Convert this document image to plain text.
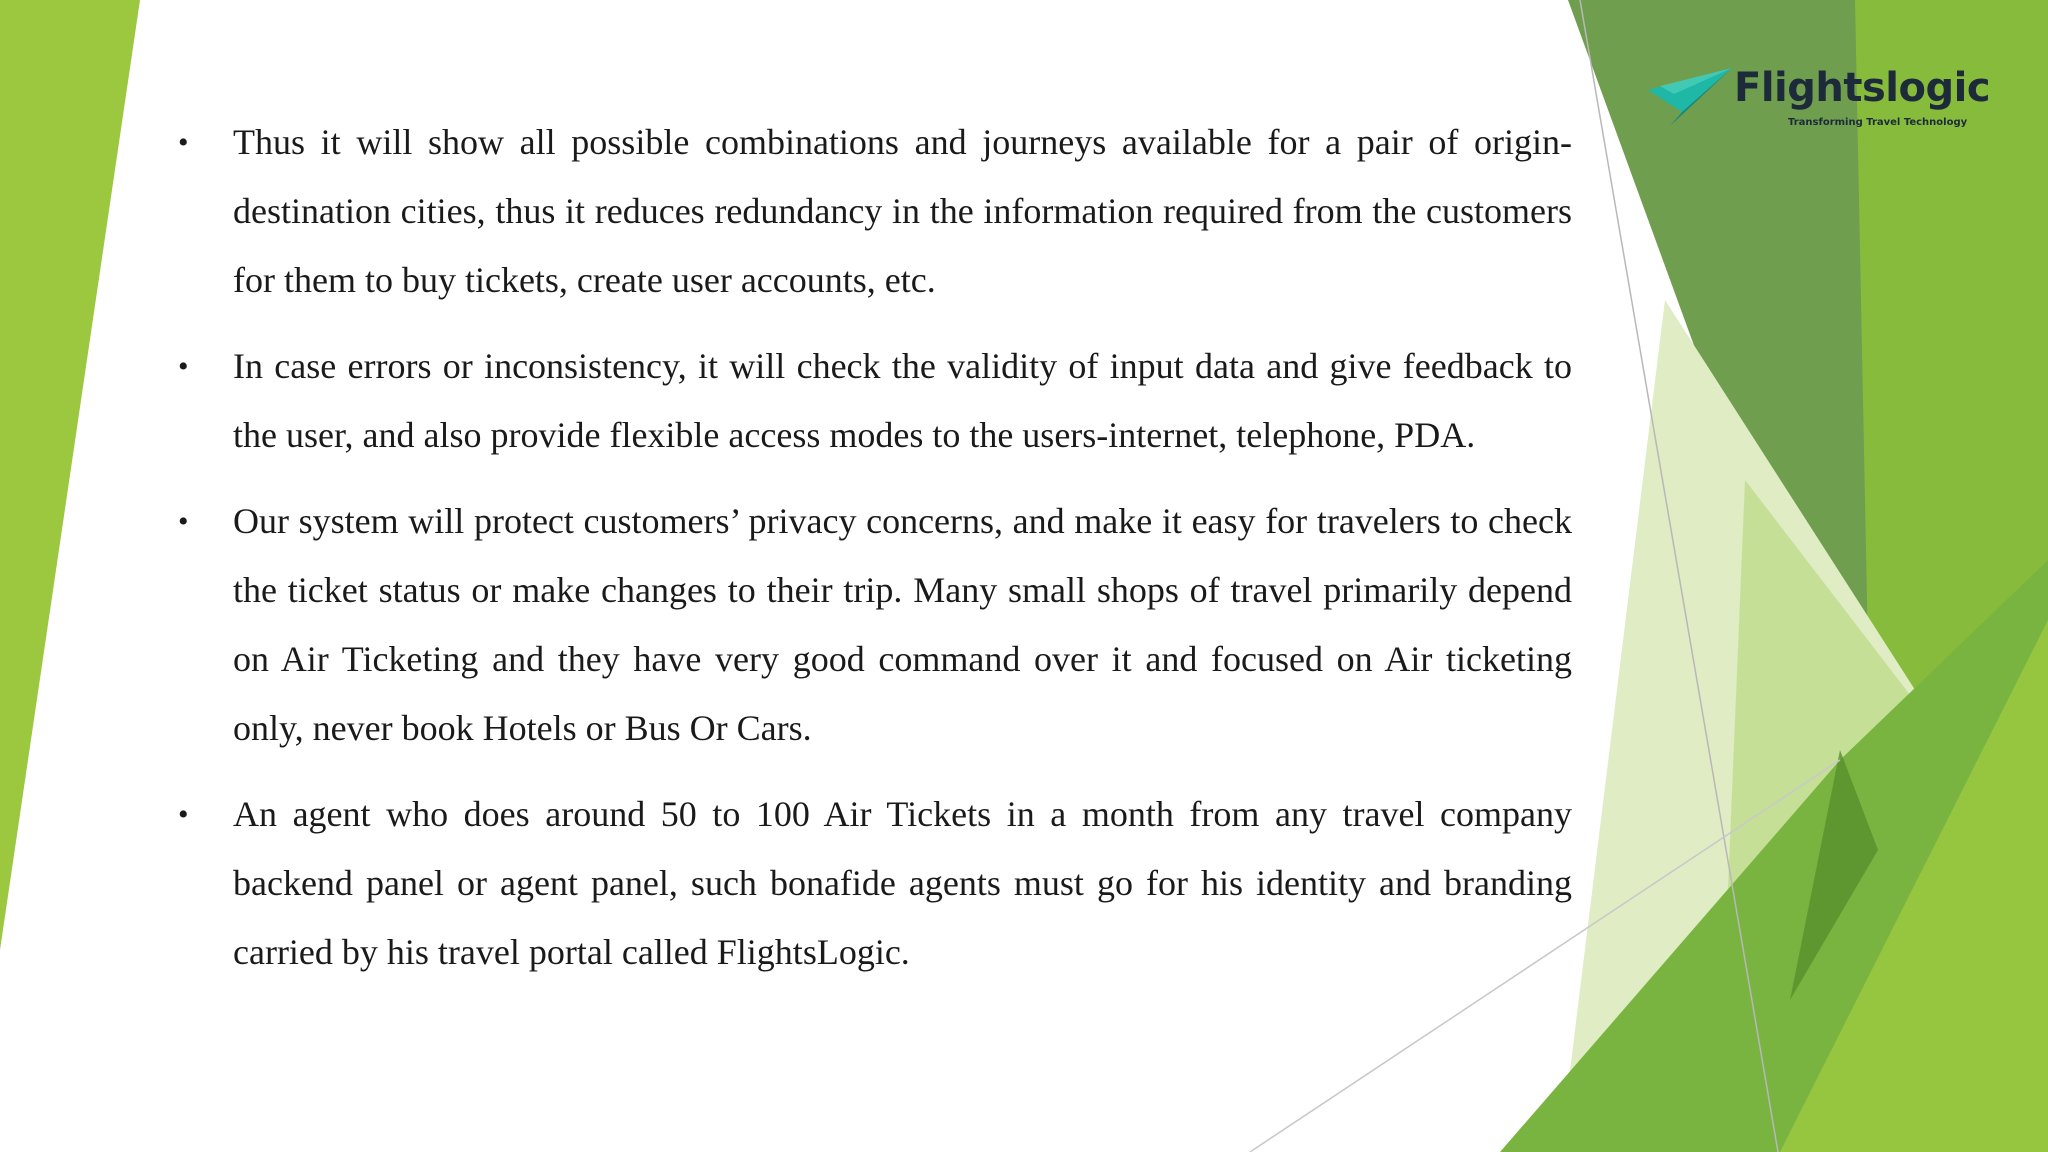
Flightslogic
Transforming Travel Technology
• Thus it will show all possible combinations and journeys available for a pair of origin-destination cities, thus it reduces redundancy in the information required from the customers for them to buy tickets, create user accounts, etc.
• In case errors or inconsistency, it will check the validity of input data and give feedback to the user, and also provide flexible access modes to the users-internet, telephone, PDA.
• Our system will protect customers’ privacy concerns, and make it easy for travelers to check the ticket status or make changes to their trip. Many small shops of travel primarily depend on Air Ticketing and they have very good command over it and focused on Air ticketing only, never book Hotels or Bus Or Cars.
• An agent who does around 50 to 100 Air Tickets in a month from any travel company backend panel or agent panel, such bonafide agents must go for his identity and branding carried by his travel portal called FlightsLogic.
